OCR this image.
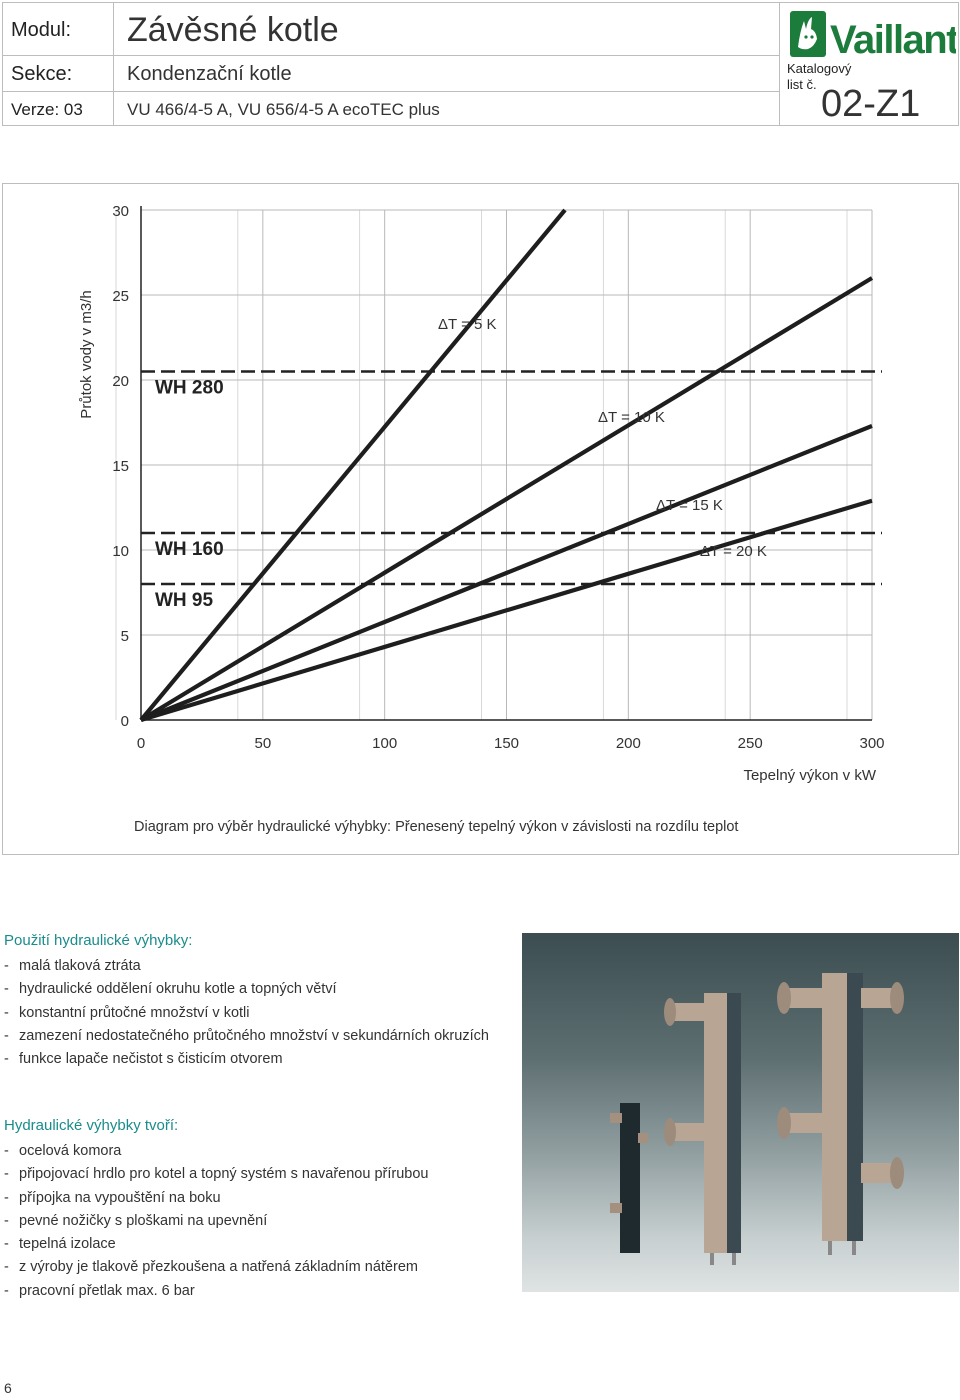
Modul: Závěsné kotle
Sekce:	Kondenzační kotle
Verze: 03	VU 466/4-5 A, VU 656/4-5 A ecoTEC plus
Vaillant
Katalogový
list č. 02-Z1
0	50	100	150	200	250	300
0
5
10
15
20
25
30
WH 280
WH 160
WH 95
ΔT = 5 K
ΔT = 10 K
ΔT = 15 K
ΔT = 20 K
Průtok vody v m3/h
Tepelný výkon v kW
Diagram pro výběr hydraulické výhybky: Přenesený tepelný výkon v závislosti na rozdílu teplot
Použití hydraulické výhybky:
- malá tlaková ztráta
- hydraulické oddělení okruhu kotle a topných větví
- konstantní průtočné množství v kotli
- zamezení nedostatečného průtočného množství v sekundárních okruzích
- funkce lapače nečistot s čisticím otvorem
Hydraulické výhybky tvoří:
- ocelová komora
- připojovací hrdlo pro kotel a topný systém s navařenou přírubou
- přípojka na vypouštění na boku
- pevné nožičky s ploškami na upevnění
- tepelná izolace
- z výroby je tlakově přezkoušena a natřená základním nátěrem
- pracovní přetlak max. 6 bar
6
